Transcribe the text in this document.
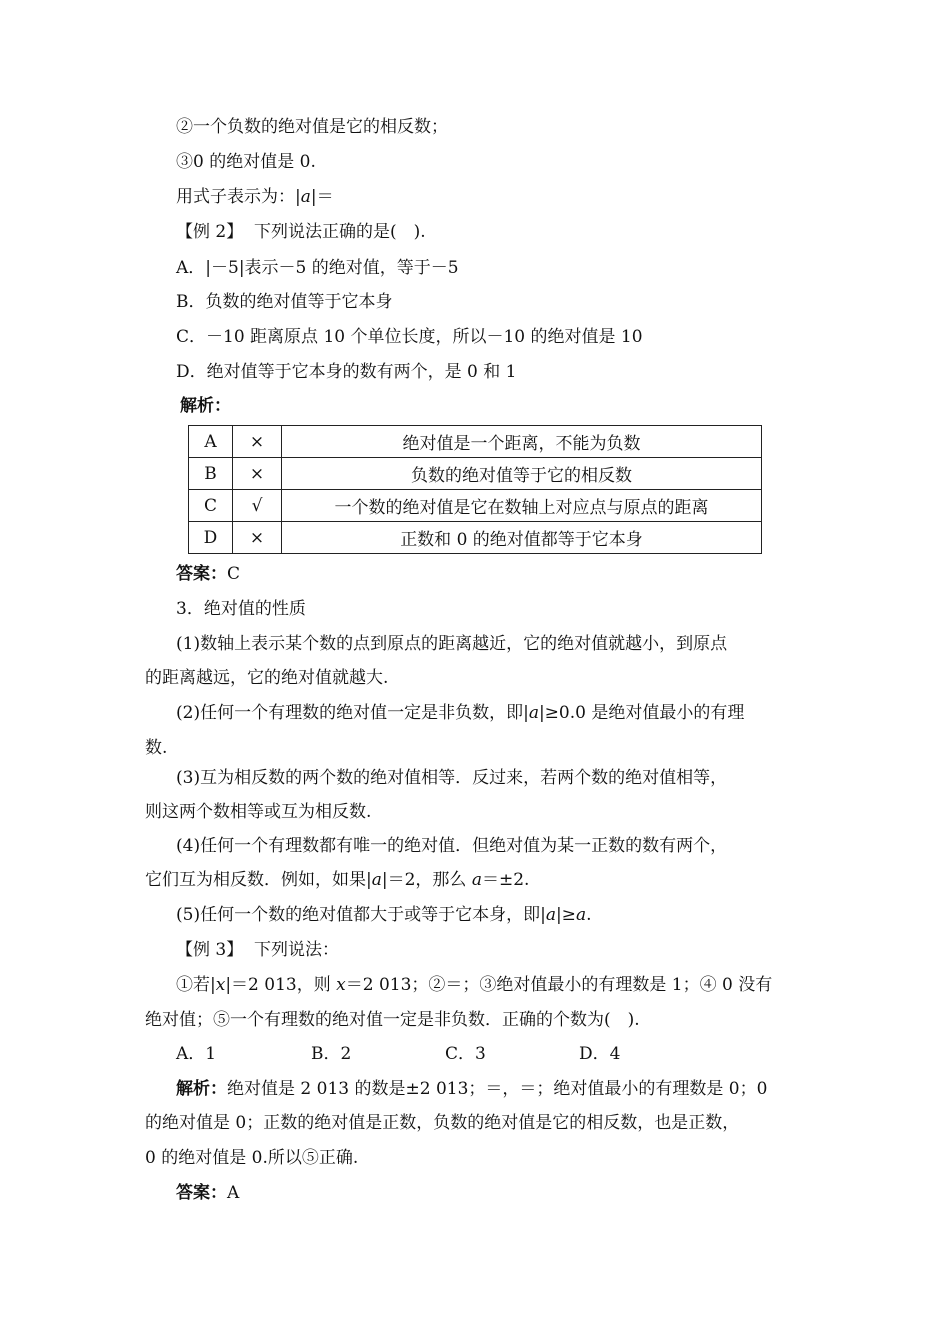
②一个负数的绝对值是它的相反数；
③0 的绝对值是 0.
用式子表示为：|a|＝
【例 2】 下列说法正确的是(　).
A．|－5|表示－5 的绝对值，等于－5
B．负数的绝对值等于它本身
C．－10 距离原点 10 个单位长度，所以－10 的绝对值是 10
D．绝对值等于它本身的数有两个，是 0 和 1
解析：
A	×	绝对值是一个距离，不能为负数
B	×	负数的绝对值等于它的相反数
C	√	一个数的绝对值是它在数轴上对应点与原点的距离
D	×	正数和 0 的绝对值都等于它本身
答案：C
3．绝对值的性质
(1)数轴上表示某个数的点到原点的距离越近，它的绝对值就越小，到原点
的距离越远，它的绝对值就越大.
(2)任何一个有理数的绝对值一定是非负数，即|a|≥0.0 是绝对值最小的有理
数.
(3)互为相反数的两个数的绝对值相等．反过来，若两个数的绝对值相等，
则这两个数相等或互为相反数.
(4)任何一个有理数都有唯一的绝对值．但绝对值为某一正数的数有两个，
它们互为相反数．例如，如果|a|＝2，那么 a＝±2.
(5)任何一个数的绝对值都大于或等于它本身，即|a|≥a.
【例 3】 下列说法：
①若|x|＝2 013，则 x＝2 013；②＝；③绝对值最小的有理数是 1；④ 0 没有
绝对值；⑤一个有理数的绝对值一定是非负数．正确的个数为(　).
A．1	B．2	C．3	D．4
解析：绝对值是 2 013 的数是±2 013；＝，＝；绝对值最小的有理数是 0；0
的绝对值是 0；正数的绝对值是正数，负数的绝对值是它的相反数，也是正数，
0 的绝对值是 0.所以⑤正确.
答案：A
